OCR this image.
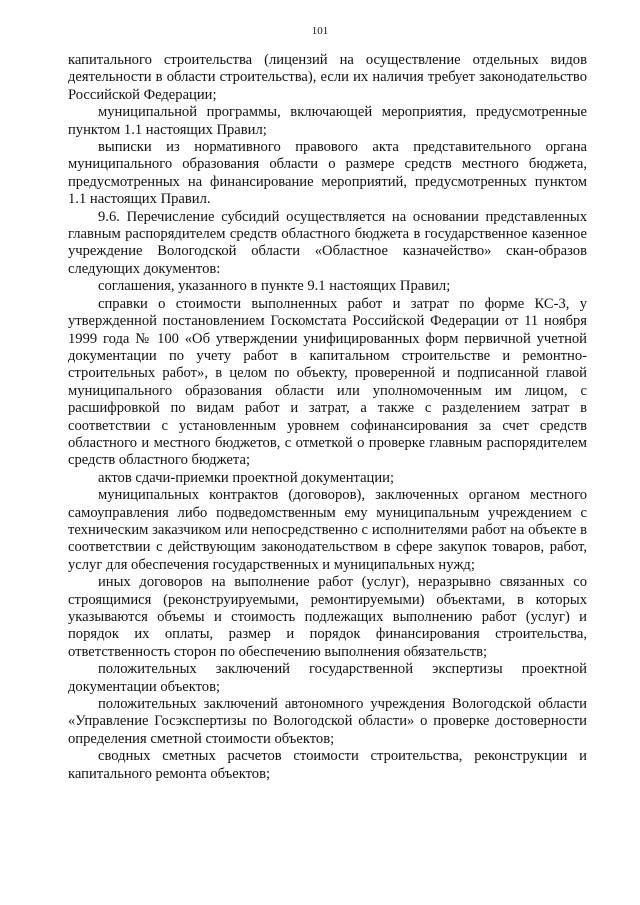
101

капитального строительства (лицензий на осуществление отдельных видов деятельности в области строительства), если их наличия требует законодательство Российской Федерации;

муниципальной программы, включающей мероприятия, предусмотренные пунктом 1.1 настоящих Правил;

выписки из нормативного правового акта представительного органа муниципального образования области о размере средств местного бюджета, предусмотренных на финансирование мероприятий, предусмотренных пунктом 1.1 настоящих Правил.

9.6. Перечисление субсидий осуществляется на основании представленных главным распорядителем средств областного бюджета в государственное казенное учреждение Вологодской области «Областное казначейство» скан-образов следующих документов:

соглашения, указанного в пункте 9.1 настоящих Правил;

справки о стоимости выполненных работ и затрат по форме КС-3, у утвержденной постановлением Госкомстата Российской Федерации от 11 ноября 1999 года № 100 «Об утверждении унифицированных форм первичной учетной документации по учету работ в капитальном строительстве и ремонтно-строительных работ», в целом по объекту, проверенной и подписанной главой муниципального образования области или уполномоченным им лицом, с расшифровкой по видам работ и затрат, а также с разделением затрат в соответствии с установленным уровнем софинансирования за счет средств областного и местного бюджетов, с отметкой о проверке главным распорядителем средств областного бюджета;

актов сдачи-приемки проектной документации;

муниципальных контрактов (договоров), заключенных органом местного самоуправления либо подведомственным ему муниципальным учреждением с техническим заказчиком или непосредственно с исполнителями работ на объекте в соответствии с действующим законодательством в сфере закупок товаров, работ, услуг для обеспечения государственных и муниципальных нужд;

иных договоров на выполнение работ (услуг), неразрывно связанных со строящимися (реконструируемыми, ремонтируемыми) объектами, в которых указываются объемы и стоимость подлежащих выполнению работ (услуг) и порядок их оплаты, размер и порядок финансирования строительства, ответственность сторон по обеспечению выполнения обязательств;

положительных заключений государственной экспертизы проектной документации объектов;

положительных заключений автономного учреждения Вологодской области «Управление Госэкспертизы по Вологодской области» о проверке достоверности определения сметной стоимости объектов;

сводных сметных расчетов стоимости строительства, реконструкции и капитального ремонта объектов;
